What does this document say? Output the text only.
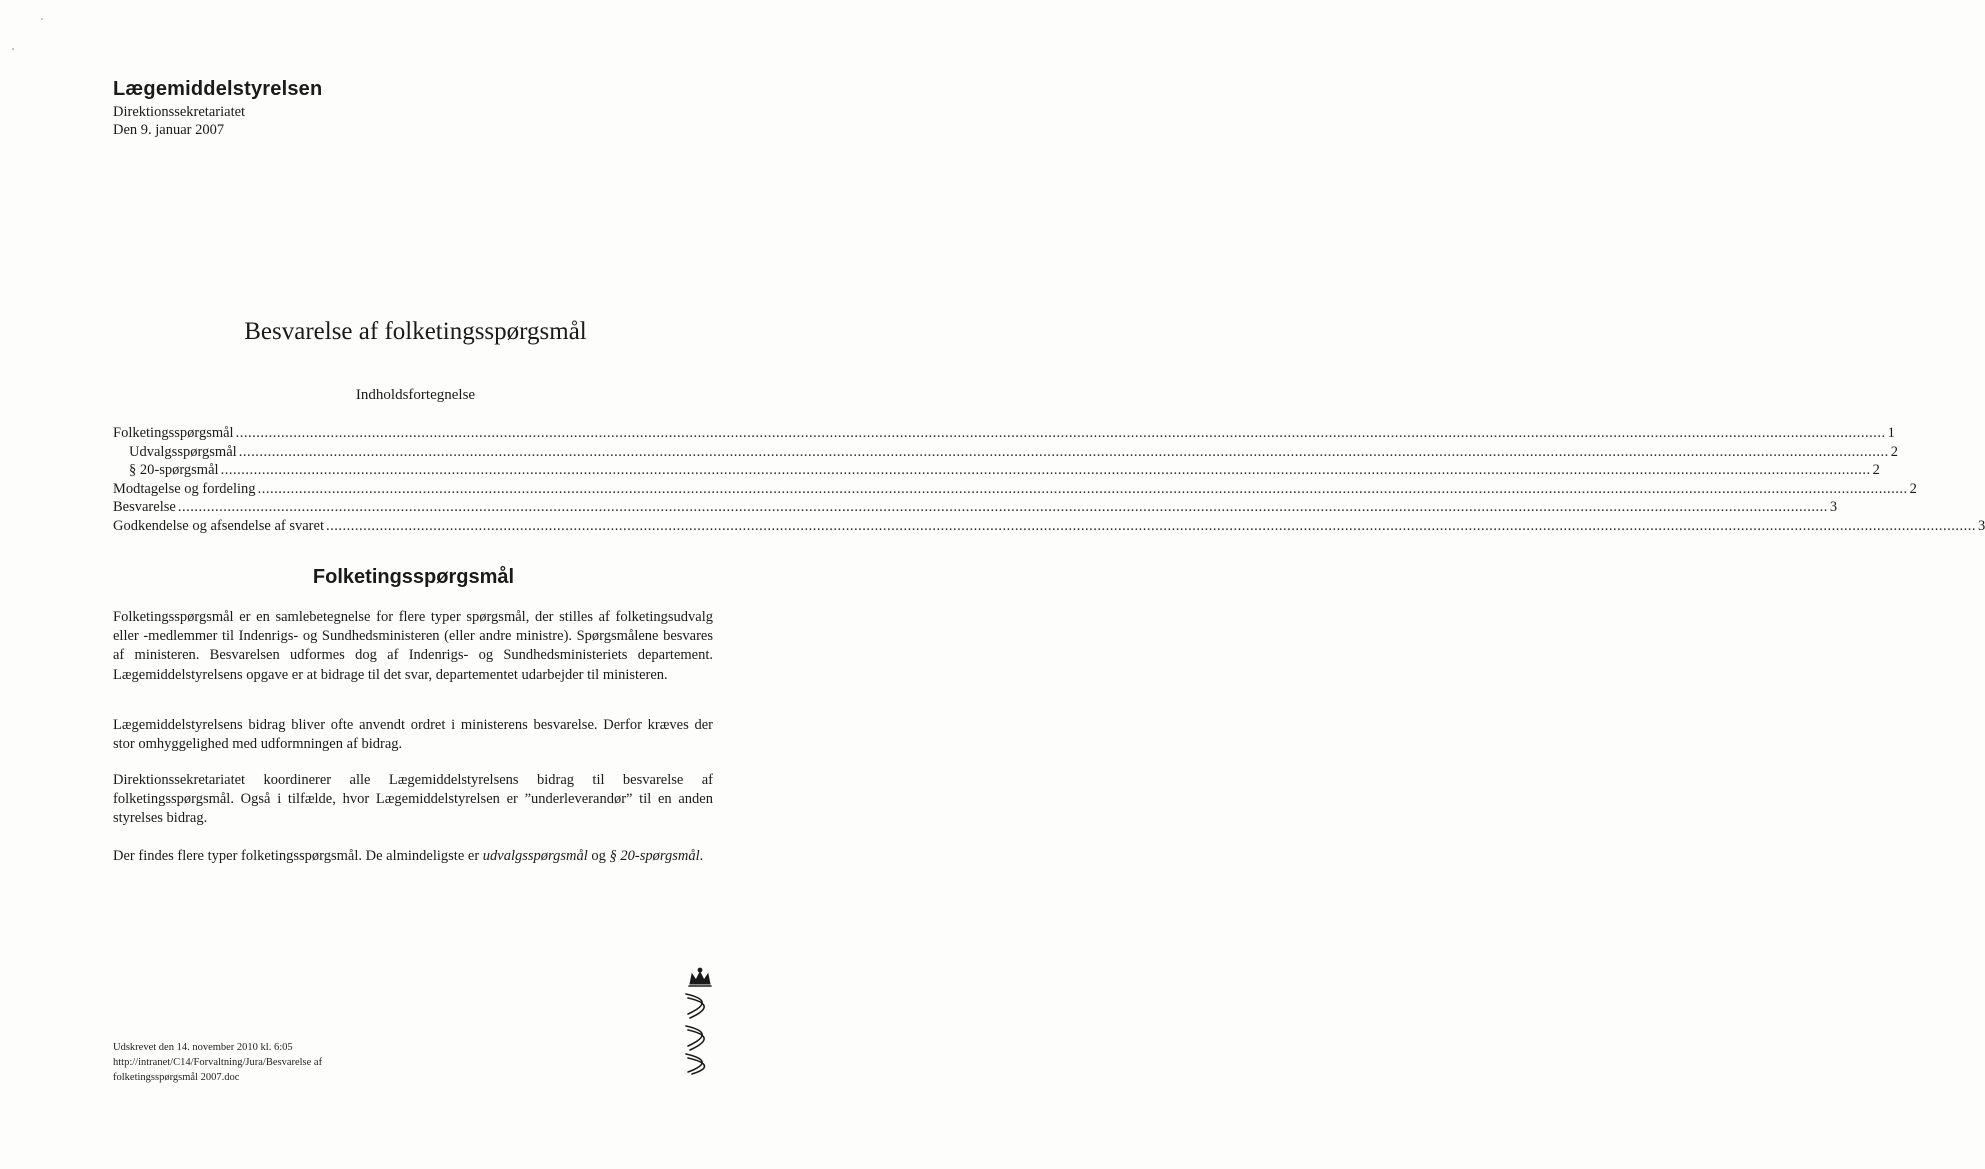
Lægemiddelstyrelsen
Direktionssekretariatet
Den 9. januar 2007
Besvarelse af folketingsspørgsmål
Indholdsfortegnelse
Folketingsspørgsmål ................................................................................................................................................................................................................................................................................................................................................................................................................ 1
Udvalgsspørgsmål ................................................................................................................................................................................................................................................................................................................................................................................................................ 2
§ 20-spørgsmål ................................................................................................................................................................................................................................................................................................................................................................................................................ 2
Modtagelse og fordeling ................................................................................................................................................................................................................................................................................................................................................................................................................ 2
Besvarelse ................................................................................................................................................................................................................................................................................................................................................................................................................ 3
Godkendelse og afsendelse af svaret ................................................................................................................................................................................................................................................................................................................................................................................................................ 3
Folketingsspørgsmål

Folketingsspørgsmål er en samlebetegnelse for flere typer spørgsmål, der stilles af folketingsudvalg eller -medlemmer til Indenrigs- og Sundhedsministeren (eller andre ministre). Spørgsmålene besvares af ministeren. Besvarelsen udformes dog af Indenrigs- og Sundhedsministeriets departement. Lægemiddelstyrelsens opgave er at bidrage til det svar, departementet udarbejder til ministeren.

Lægemiddelstyrelsens bidrag bliver ofte anvendt ordret i ministerens besvarelse. Derfor kræves der stor omhyggelighed med udformningen af bidrag.

Direktionssekretariatet koordinerer alle Lægemiddelstyrelsens bidrag til besvarelse af folketingsspørgsmål. Også i tilfælde, hvor Lægemiddelstyrelsen er ”underleverandør” til en anden styrelses bidrag.

Der findes flere typer folketingsspørgsmål. De almindeligste er udvalgsspørgsmål og § 20-spørgsmål.

Udskrevet den 14. november 2010 kl. 6:05
http://intranet/C14/Forvaltning/Jura/Besvarelse af
folketingsspørgsmål 2007.doc
